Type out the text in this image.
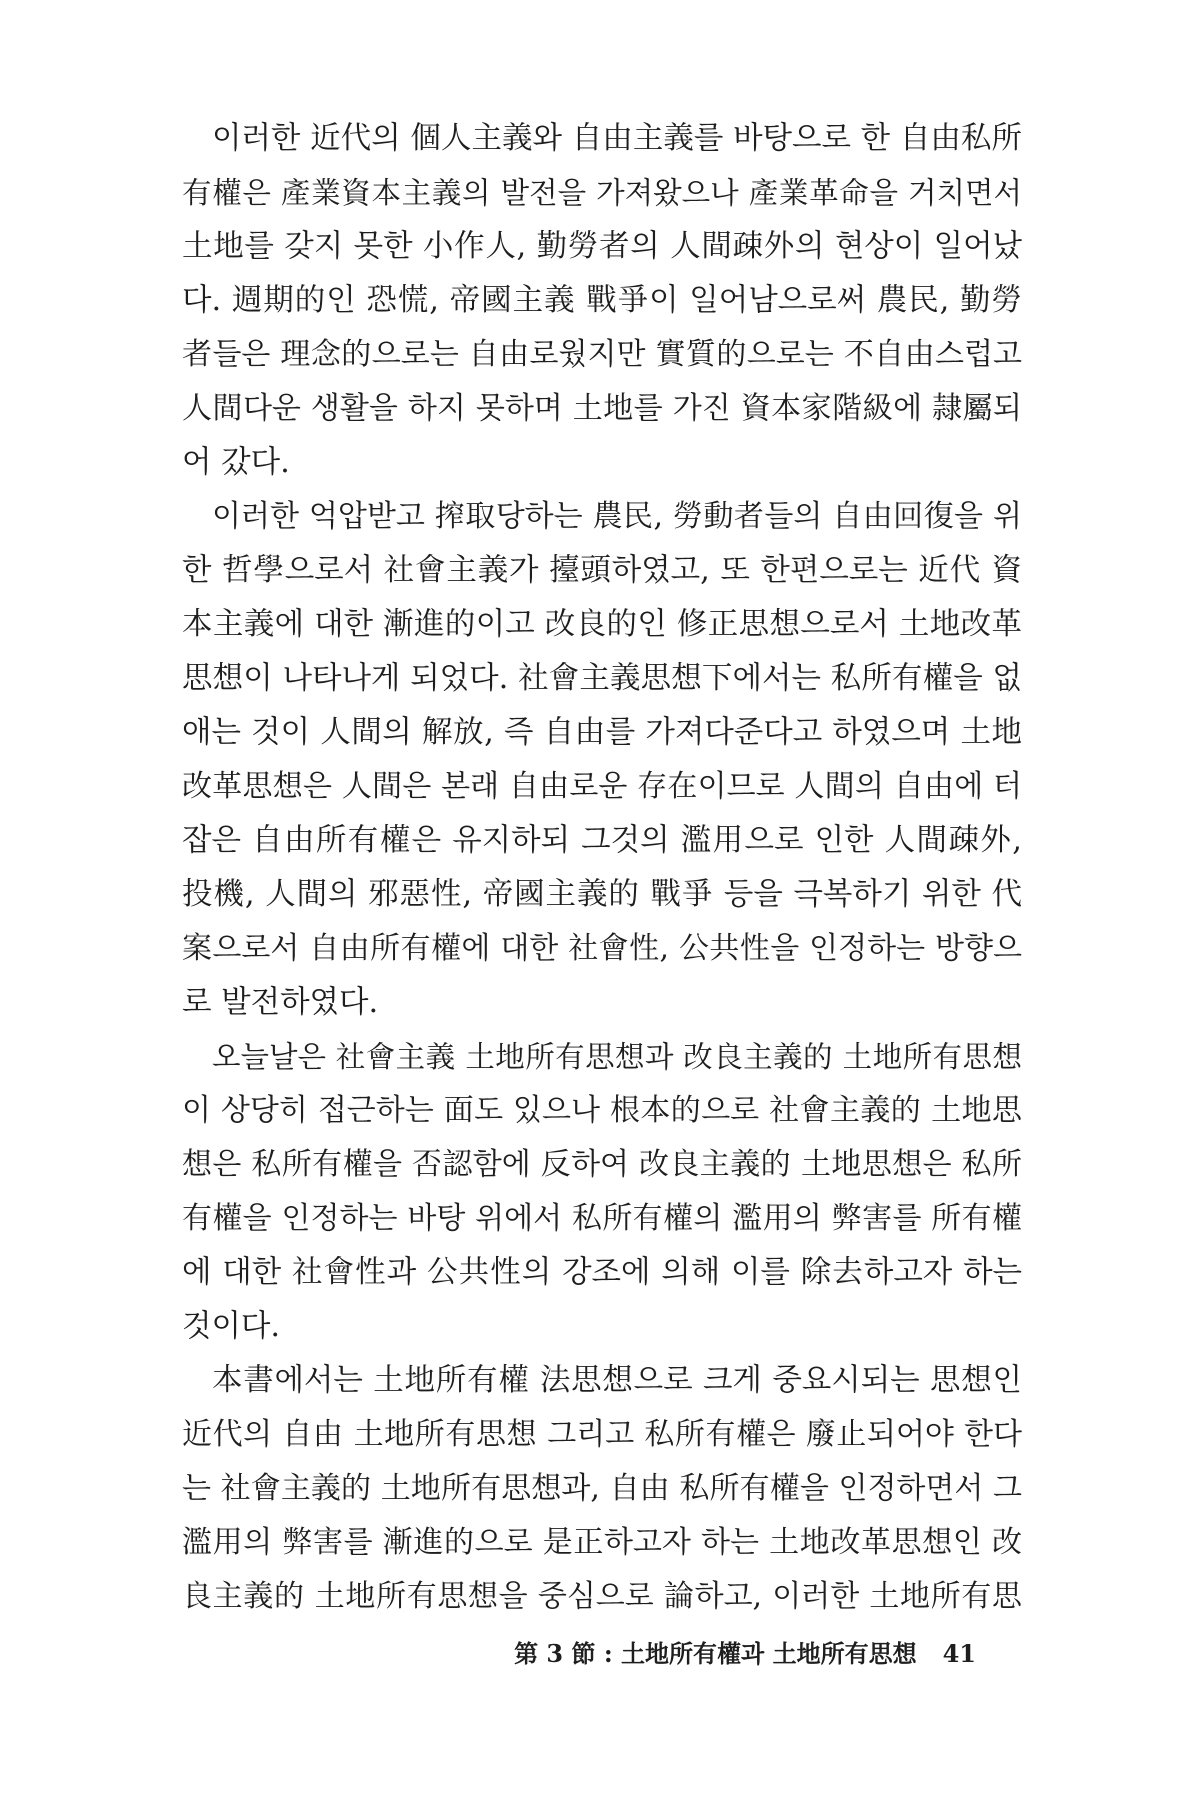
이러한 近代의 個人主義와 自由主義를 바탕으로 한 自由私所
有權은 產業資本主義의 발전을 가져왔으나 產業革命을 거치면서
土地를 갖지 못한 小作人, 勤勞者의 人間疎外의 현상이 일어났
다. 週期的인 恐慌, 帝國主義 戰爭이 일어남으로써 農民, 勤勞
者들은 理念的으로는 自由로웠지만 實質的으로는 不自由스럽고
人間다운 생활을 하지 못하며 土地를 가진 資本家階級에 隷屬되
어 갔다.
이러한 억압받고 搾取당하는 農民, 勞動者들의 自由回復을 위
한 哲學으로서 社會主義가 擡頭하였고, 또 한편으로는 近代 資
本主義에 대한 漸進的이고 改良的인 修正思想으로서 土地改革
思想이 나타나게 되었다. 社會主義思想下에서는 私所有權을 없
애는 것이 人間의 解放, 즉 自由를 가져다준다고 하였으며 土地
改革思想은 人間은 본래 自由로운 存在이므로 人間의 自由에 터
잡은 自由所有權은 유지하되 그것의 濫用으로 인한 人間疎外,
投機, 人間의 邪惡性, 帝國主義的 戰爭 등을 극복하기 위한 代
案으로서 自由所有權에 대한 社會性, 公共性을 인정하는 방향으
로 발전하였다.
오늘날은 社會主義 土地所有思想과 改良主義的 土地所有思想
이 상당히 접근하는 面도 있으나 根本的으로 社會主義的 土地思
想은 私所有權을 否認함에 反하여 改良主義的 土地思想은 私所
有權을 인정하는 바탕 위에서 私所有權의 濫用의 弊害를 所有權
에 대한 社會性과 公共性의 강조에 의해 이를 除去하고자 하는
것이다.
本書에서는 土地所有權 法思想으로 크게 중요시되는 思想인
近代의 自由 土地所有思想 그리고 私所有權은 廢止되어야 한다
는 社會主義的 土地所有思想과, 自由 私所有權을 인정하면서 그
濫用의 弊害를 漸進的으로 是正하고자 하는 土地改革思想인 改
良主義的 土地所有思想을 중심으로 論하고, 이러한 土地所有思
第 3 節 : 土地所有權과 土地所有思想 41
